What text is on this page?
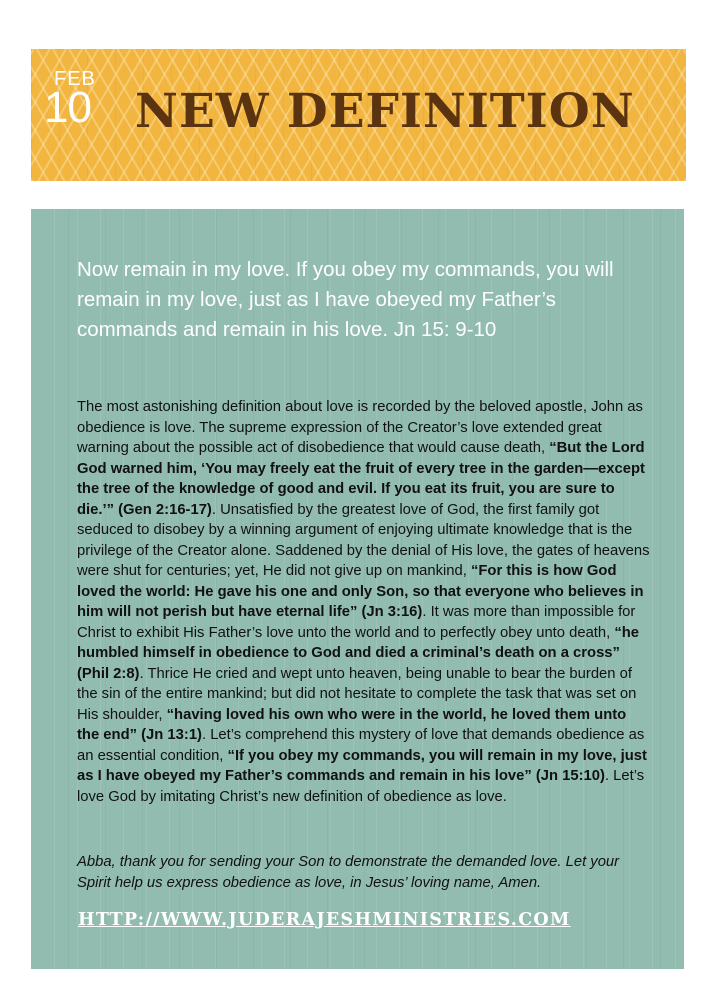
FEB
10 NEW DEFINITION

Now remain in my love. If you obey my commands, you will remain in my love, just as I have obeyed my Father’s commands and remain in his love. Jn 15: 9-10

The most astonishing definition about love is recorded by the beloved apostle, John as obedience is love. The supreme expression of the Creator’s love extended great warning about the possible act of disobedience that would cause death, “But the Lord God warned him, ‘You may freely eat the fruit of every tree in the garden—except the tree of the knowledge of good and evil. If you eat its fruit, you are sure to die.’” (Gen 2:16-17). Unsatisfied by the greatest love of God, the first family got seduced to disobey by a winning argument of enjoying ultimate knowledge that is the privilege of the Creator alone. Saddened by the denial of His love, the gates of heavens were shut for centuries; yet, He did not give up on mankind, “For this is how God loved the world: He gave his one and only Son, so that everyone who believes in him will not perish but have eternal life” (Jn 3:16). It was more than impossible for Christ to exhibit His Father’s love unto the world and to perfectly obey unto death, “he humbled himself in obedience to God and died a criminal’s death on a cross” (Phil 2:8). Thrice He cried and wept unto heaven, being unable to bear the burden of the sin of the entire mankind; but did not hesitate to complete the task that was set on His shoulder, “having loved his own who were in the world, he loved them unto the end” (Jn 13:1). Let’s comprehend this mystery of love that demands obedience as an essential condition, “If you obey my commands, you will remain in my love, just as I have obeyed my Father’s commands and remain in his love” (Jn 15:10). Let’s love God by imitating Christ’s new definition of obedience as love.

Abba, thank you for sending your Son to demonstrate the demanded love. Let your Spirit help us express obedience as love, in Jesus’ loving name, Amen.

HTTP://WWW.JUDERAJESHMINISTRIES.COM
